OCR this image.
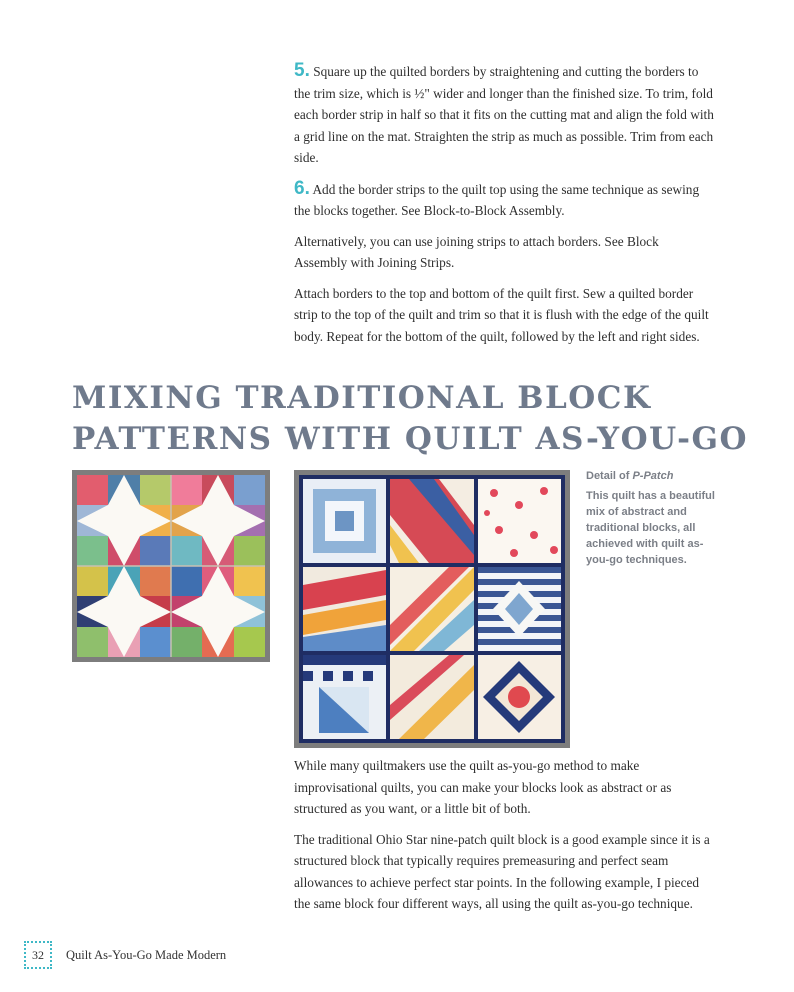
5. Square up the quilted borders by straightening and cutting the borders to the trim size, which is ½" wider and longer than the finished size. To trim, fold each border strip in half so that it fits on the cutting mat and align the fold with a grid line on the mat. Straighten the strip as much as possible. Trim from each side.

6. Add the border strips to the quilt top using the same technique as sewing the blocks together. See Block-to-Block Assembly.

Alternatively, you can use joining strips to attach borders. See Block Assembly with Joining Strips.

Attach borders to the top and bottom of the quilt first. Sew a quilted border strip to the top of the quilt and trim so that it is flush with the edge of the quilt body. Repeat for the bottom of the quilt, followed by the left and right sides.

MIXING TRADITIONAL BLOCK
PATTERNS WITH QUILT AS-YOU-GO
Detail of P-Patch
This quilt has a beautiful mix of abstract and traditional blocks, all achieved with quilt as-you-go techniques.

While many quiltmakers use the quilt as-you-go method to make improvisational quilts, you can make your blocks look as abstract or as structured as you want, or a little bit of both.

The traditional Ohio Star nine-patch quilt block is a good example since it is a structured block that typically requires premeasuring and perfect seam allowances to achieve perfect star points. In the following example, I pieced the same block four different ways, all using the quilt as-you-go technique.

32	Quilt As-You-Go Made Modern
